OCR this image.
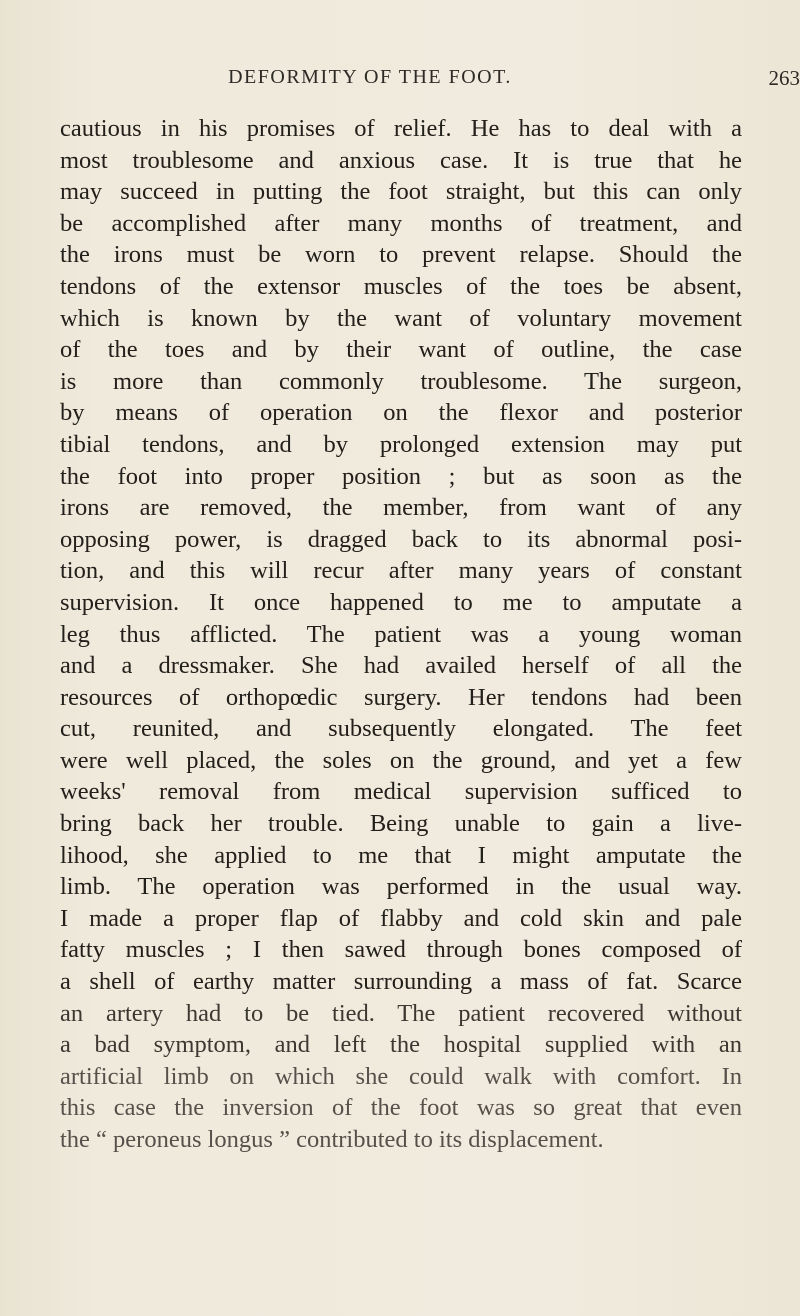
DEFORMITY OF THE FOOT.	263
cautious in his promises of relief. He has to deal with a
most troublesome and anxious case. It is true that he
may succeed in putting the foot straight, but this can only
be accomplished after many months of treatment, and
the irons must be worn to prevent relapse. Should the
tendons of the extensor muscles of the toes be absent,
which is known by the want of voluntary movement
of the toes and by their want of outline, the case
is more than commonly troublesome. The surgeon,
by means of operation on the flexor and posterior
tibial tendons, and by prolonged extension may put
the foot into proper position ; but as soon as the
irons are removed, the member, from want of any
opposing power, is dragged back to its abnormal posi-
tion, and this will recur after many years of constant
supervision. It once happened to me to amputate a
leg thus afflicted. The patient was a young woman
and a dressmaker. She had availed herself of all the
resources of orthopœdic surgery. Her tendons had been
cut, reunited, and subsequently elongated. The feet
were well placed, the soles on the ground, and yet a few
weeks' removal from medical supervision sufficed to
bring back her trouble. Being unable to gain a live-
lihood, she applied to me that I might amputate the
limb. The operation was performed in the usual way.
I made a proper flap of flabby and cold skin and pale
fatty muscles ; I then sawed through bones composed of
a shell of earthy matter surrounding a mass of fat. Scarce
an artery had to be tied. The patient recovered without
a bad symptom, and left the hospital supplied with an
artificial limb on which she could walk with comfort. In
this case the inversion of the foot was so great that even
the “ peroneus longus ” contributed to its displacement.
